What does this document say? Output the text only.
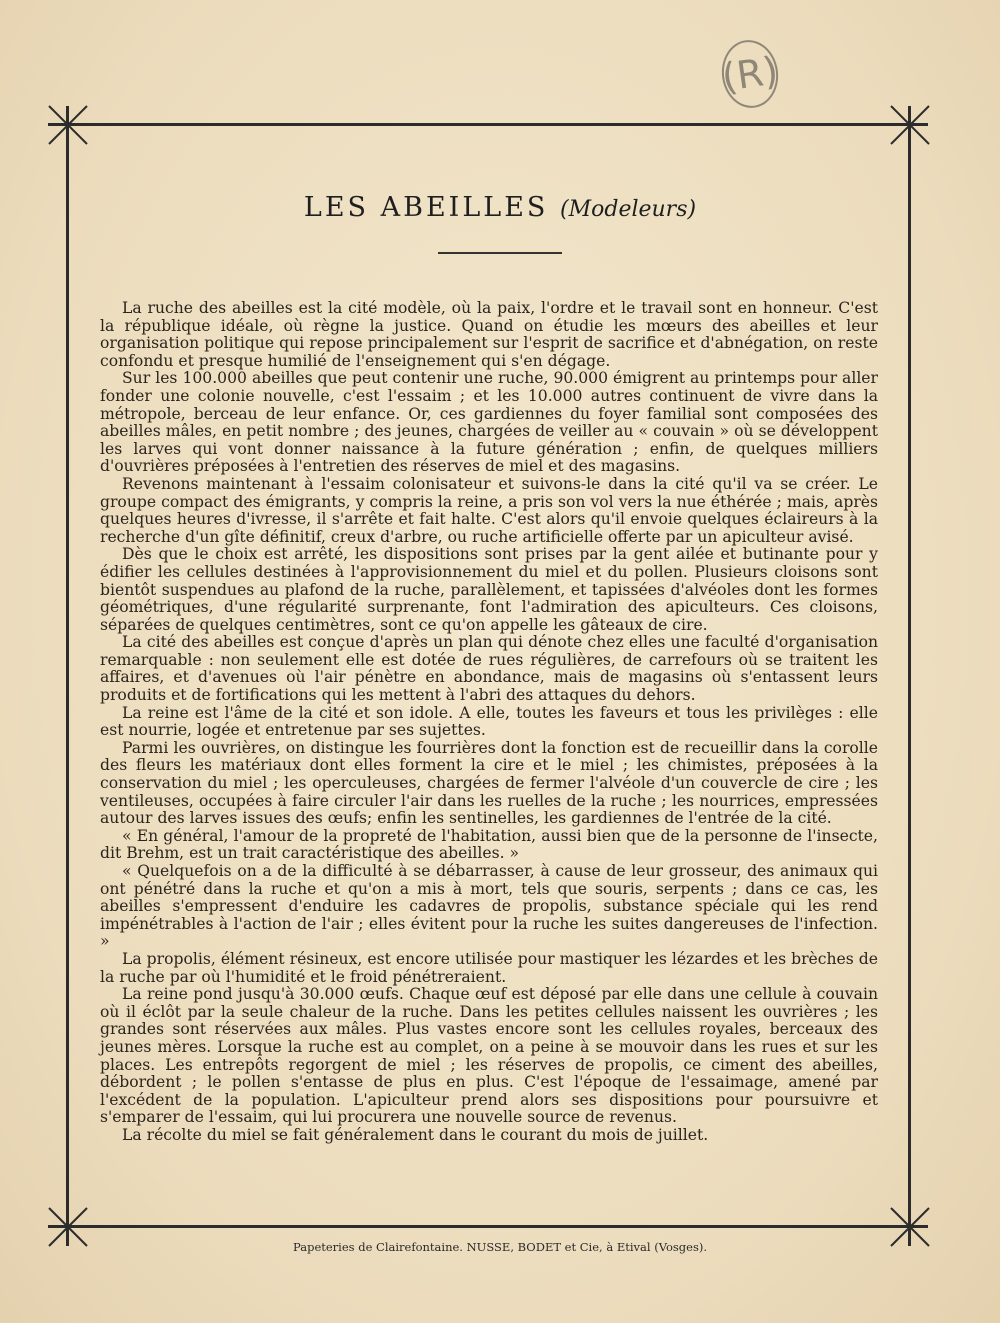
(R)
LES ABEILLES (Modeleurs)

La ruche des abeilles est la cité modèle, où la paix, l'ordre et le travail sont en honneur. C'est la république idéale, où règne la justice. Quand on étudie les mœurs des abeilles et leur organisation politique qui repose principalement sur l'esprit de sacrifice et d'abnégation, on reste confondu et presque humilié de l'enseignement qui s'en dégage.

Sur les 100.000 abeilles que peut contenir une ruche, 90.000 émigrent au printemps pour aller fonder une colonie nouvelle, c'est l'essaim ; et les 10.000 autres continuent de vivre dans la métropole, berceau de leur enfance. Or, ces gardiennes du foyer familial sont composées des abeilles mâles, en petit nombre ; des jeunes, chargées de veiller au « couvain » où se développent les larves qui vont donner naissance à la future génération ; enfin, de quelques milliers d'ouvrières préposées à l'entretien des réserves de miel et des magasins.

Revenons maintenant à l'essaim colonisateur et suivons-le dans la cité qu'il va se créer. Le groupe compact des émigrants, y compris la reine, a pris son vol vers la nue éthérée ; mais, après quelques heures d'ivresse, il s'arrête et fait halte. C'est alors qu'il envoie quelques éclaireurs à la recherche d'un gîte définitif, creux d'arbre, ou ruche artificielle offerte par un apiculteur avisé.

Dès que le choix est arrêté, les dispositions sont prises par la gent ailée et butinante pour y édifier les cellules destinées à l'approvisionnement du miel et du pollen. Plusieurs cloisons sont bientôt suspendues au plafond de la ruche, parallèlement, et tapissées d'alvéoles dont les formes géométriques, d'une régularité surprenante, font l'admiration des apiculteurs. Ces cloisons, séparées de quelques centimètres, sont ce qu'on appelle les gâteaux de cire.

La cité des abeilles est conçue d'après un plan qui dénote chez elles une faculté d'organisation remarquable : non seulement elle est dotée de rues régulières, de carrefours où se traitent les affaires, et d'avenues où l'air pénètre en abondance, mais de magasins où s'entassent leurs produits et de fortifications qui les mettent à l'abri des attaques du dehors.

La reine est l'âme de la cité et son idole. A elle, toutes les faveurs et tous les privilèges : elle est nourrie, logée et entretenue par ses sujettes.

Parmi les ouvrières, on distingue les fourrières dont la fonction est de recueillir dans la corolle des fleurs les matériaux dont elles forment la cire et le miel ; les chimistes, préposées à la conservation du miel ; les operculeuses, chargées de fermer l'alvéole d'un couvercle de cire ; les ventileuses, occupées à faire circuler l'air dans les ruelles de la ruche ; les nourrices, empressées autour des larves issues des œufs; enfin les sentinelles, les gardiennes de l'entrée de la cité.

« En général, l'amour de la propreté de l'habitation, aussi bien que de la personne de l'insecte, dit Brehm, est un trait caractéristique des abeilles. »

« Quelquefois on a de la difficulté à se débarrasser, à cause de leur grosseur, des animaux qui ont pénétré dans la ruche et qu'on a mis à mort, tels que souris, serpents ; dans ce cas, les abeilles s'empressent d'enduire les cadavres de propolis, substance spéciale qui les rend impénétrables à l'action de l'air ; elles évitent pour la ruche les suites dangereuses de l'infection. »

La propolis, élément résineux, est encore utilisée pour mastiquer les lézardes et les brèches de la ruche par où l'humidité et le froid pénétreraient.

La reine pond jusqu'à 30.000 œufs. Chaque œuf est déposé par elle dans une cellule à couvain où il éclôt par la seule chaleur de la ruche. Dans les petites cellules naissent les ouvrières ; les grandes sont réservées aux mâles. Plus vastes encore sont les cellules royales, berceaux des jeunes mères. Lorsque la ruche est au complet, on a peine à se mouvoir dans les rues et sur les places. Les entrepôts regorgent de miel ; les réserves de propolis, ce ciment des abeilles, débordent ; le pollen s'entasse de plus en plus. C'est l'époque de l'essaimage, amené par l'excédent de la population. L'apiculteur prend alors ses dispositions pour poursuivre et s'emparer de l'essaim, qui lui procurera une nouvelle source de revenus.

La récolte du miel se fait généralement dans le courant du mois de juillet.

Papeteries de Clairefontaine. NUSSE, BODET et Cie, à Etival (Vosges).
